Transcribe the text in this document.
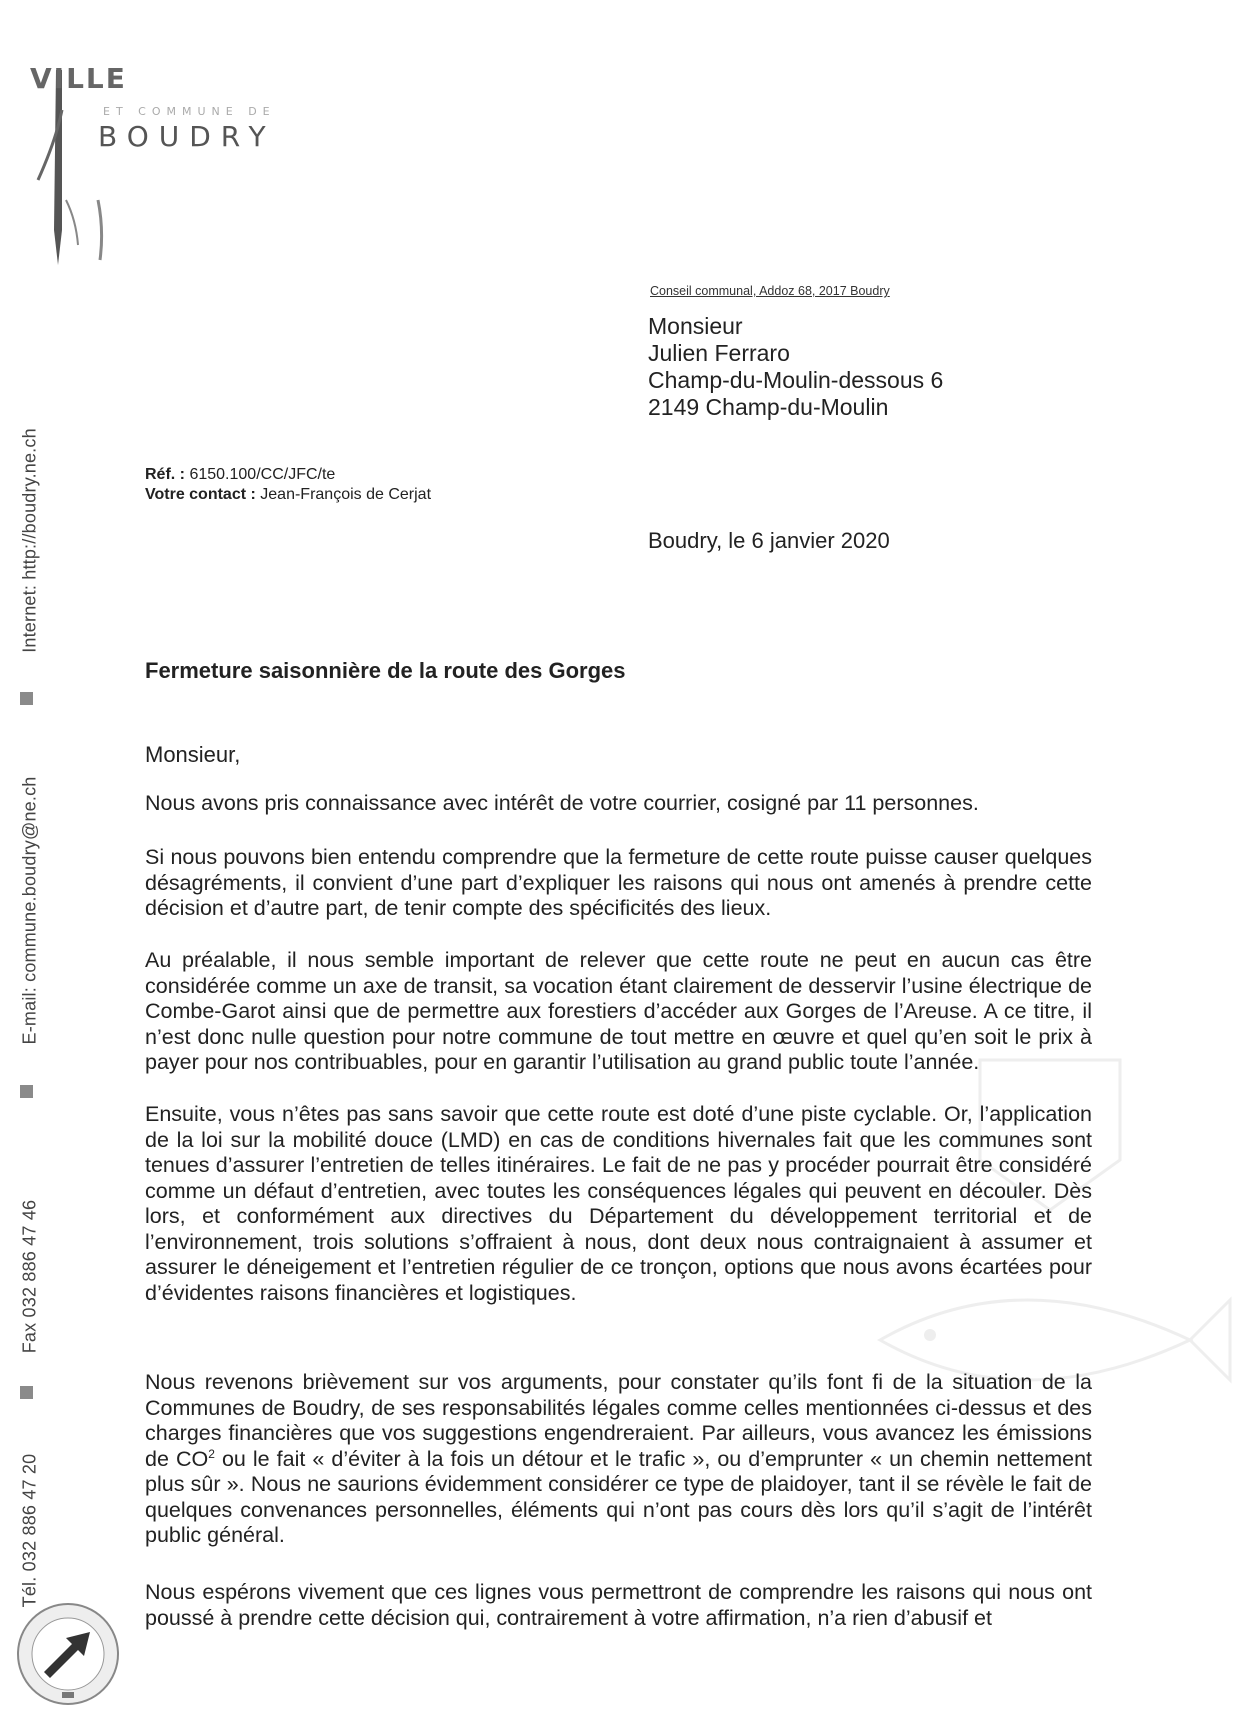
VILLE
ET COMMUNE DE
BOUDRY
Internet: http://boudry.ne.ch
E-mail: commune.boudry@ne.ch
Fax 032 886 47 46
Tél. 032 886 47 20
Conseil communal, Addoz 68, 2017 Boudry
Monsieur
Julien Ferraro
Champ-du-Moulin-dessous 6
2149 Champ-du-Moulin
Réf. : 6150.100/CC/JFC/te
Votre contact : Jean-François de Cerjat
Boudry, le 6 janvier 2020
Fermeture saisonnière de la route des Gorges
Monsieur,
Nous avons pris connaissance avec intérêt de votre courrier, cosigné par 11 personnes.
Si nous pouvons bien entendu comprendre que la fermeture de cette route puisse causer quelques désagréments, il convient d’une part d’expliquer les raisons qui nous ont amenés à prendre cette décision et d’autre part, de tenir compte des spécificités des lieux.
Au préalable, il nous semble important de relever que cette route ne peut en aucun cas être considérée comme un axe de transit, sa vocation étant clairement de desservir l’usine électrique de Combe-Garot ainsi que de permettre aux forestiers d’accéder aux Gorges de l’Areuse. A ce titre, il n’est donc nulle question pour notre commune de tout mettre en œuvre et quel qu’en soit le prix à payer pour nos contribuables, pour en garantir l’utilisation au grand public toute l’année.
Ensuite, vous n’êtes pas sans savoir que cette route est doté d’une piste cyclable. Or, l’application de la loi sur la mobilité douce (LMD) en cas de conditions hivernales fait que les communes sont tenues d’assurer l’entretien de telles itinéraires. Le fait de ne pas y procéder pourrait être considéré comme un défaut d’entretien, avec toutes les conséquences légales qui peuvent en découler. Dès lors, et conformément aux directives du Département du développement territorial et de l’environnement, trois solutions s’offraient à nous, dont deux nous contraignaient à assumer et assurer le déneigement et l’entretien régulier de ce tronçon, options que nous avons écartées pour d’évidentes raisons financières et logistiques.
Nous revenons brièvement sur vos arguments, pour constater qu’ils font fi de la situation de la Communes de Boudry, de ses responsabilités légales comme celles mentionnées ci-dessus et des charges financières que vos suggestions engendreraient. Par ailleurs, vous avancez les émissions de $CO^2$ ou le fait « d’éviter à la fois un détour et le trafic », ou d’emprunter « un chemin nettement plus sûr ». Nous ne saurions évidemment considérer ce type de plaidoyer, tant il se révèle le fait de quelques convenances personnelles, éléments qui n’ont pas cours dès lors qu’il s’agit de l’intérêt public général.
Nous espérons vivement que ces lignes vous permettront de comprendre les raisons qui nous ont poussé à prendre cette décision qui, contrairement à votre affirmation, n’a rien d’abusif et
